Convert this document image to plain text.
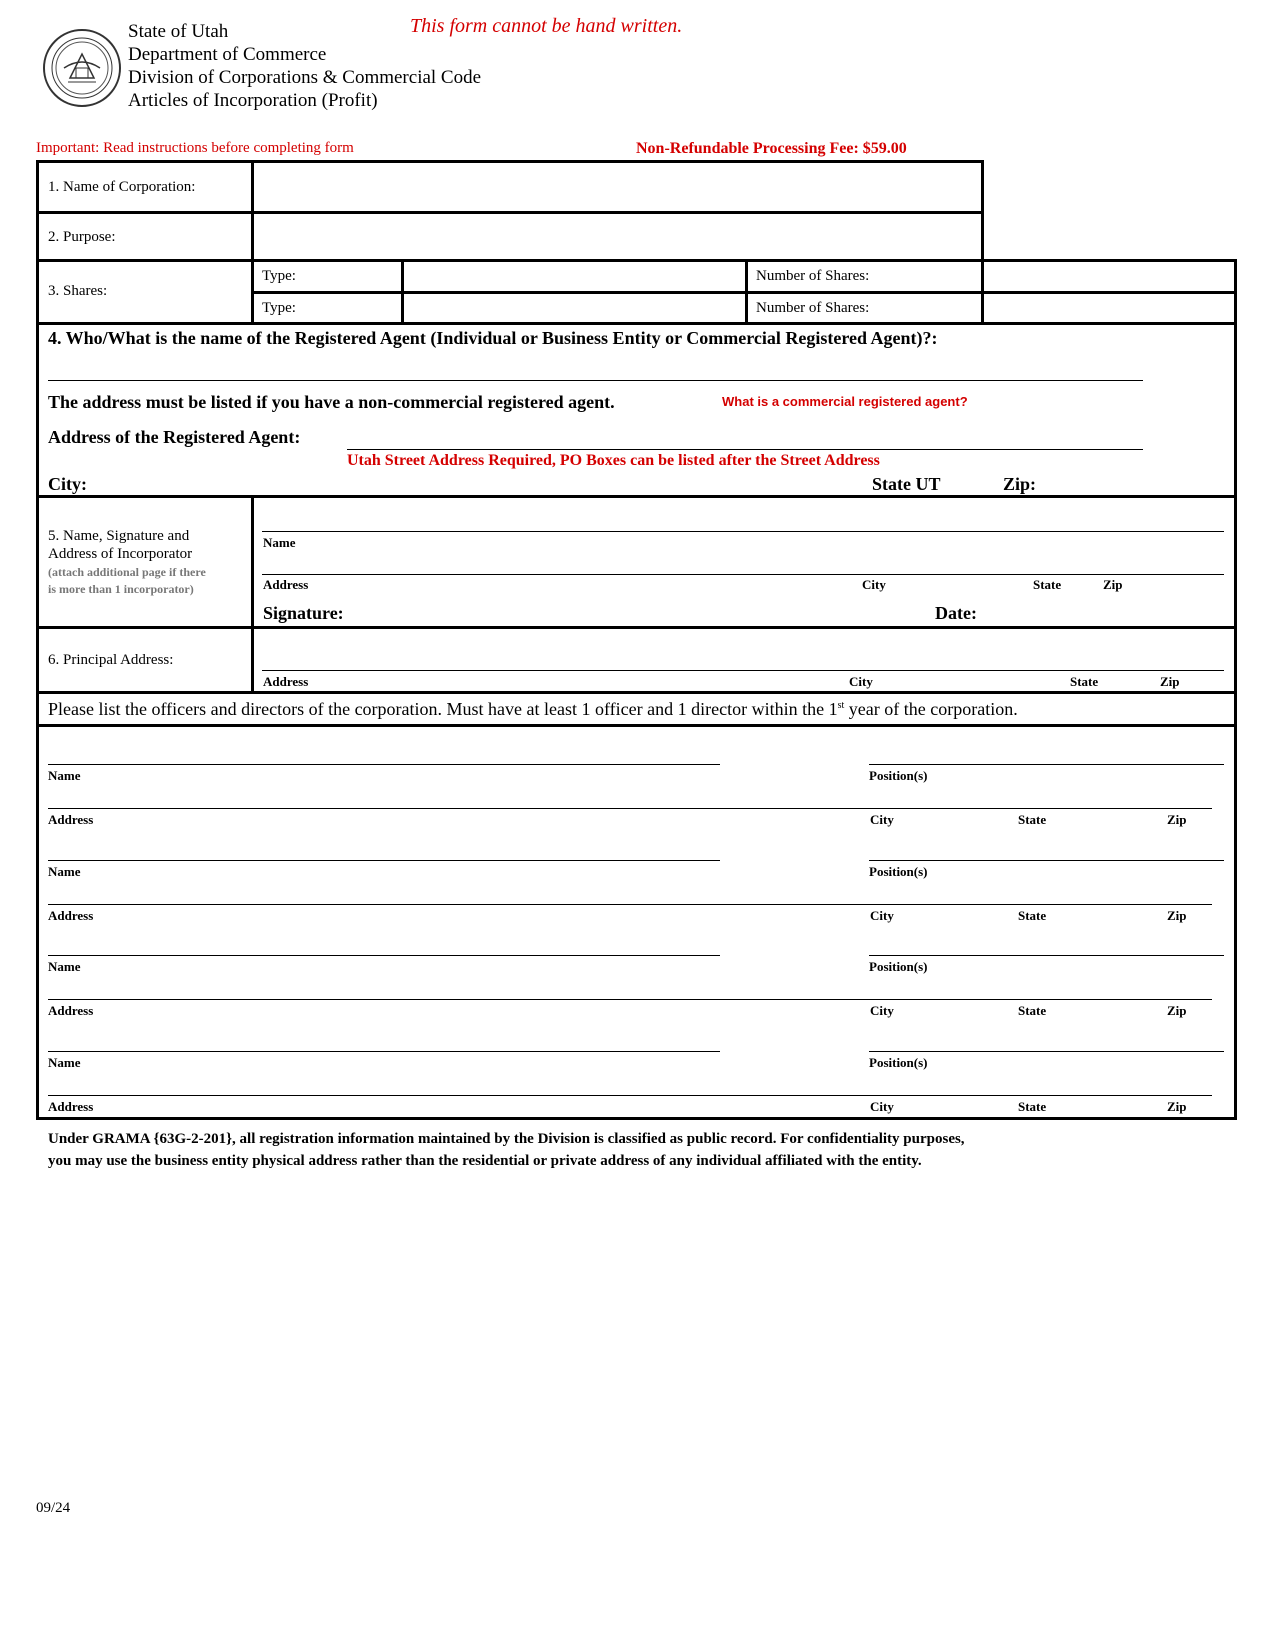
State of Utah
Department of Commerce
Division of Corporations & Commercial Code
Articles of Incorporation (Profit)
This form cannot be hand written.
Important: Read instructions before completing form	Non-Refundable Processing Fee: $59.00
1. Name of Corporation:
2. Purpose:
3. Shares:
Type:	Number of Shares:
Type:	Number of Shares:
4. Who/What is the name of the Registered Agent (Individual or Business Entity or Commercial Registered Agent)?:
The address must be listed if you have a non-commercial registered agent.	What is a commercial registered agent?
Address of the Registered Agent:
Utah Street Address Required, PO Boxes can be listed after the Street Address
City:	State UT	Zip:
5. Name, Signature and
Address of Incorporator
(attach additional page if there
is more than 1 incorporator)
Name
Address	City	State	Zip
Signature:	Date:
6. Principal Address:
Address	City	State	Zip
Please list the officers and directors of the corporation. Must have at least 1 officer and 1 director within the 1st year of the corporation.
Name	Position(s)
Address	City	State	Zip
Name	Position(s)
Address	City	State	Zip
Name	Position(s)
Address	City	State	Zip
Name	Position(s)
Address	City	State	Zip
Under GRAMA {63G-2-201}, all registration information maintained by the Division is classified as public record. For confidentiality purposes,
you may use the business entity physical address rather than the residential or private address of any individual affiliated with the entity.
09/24
